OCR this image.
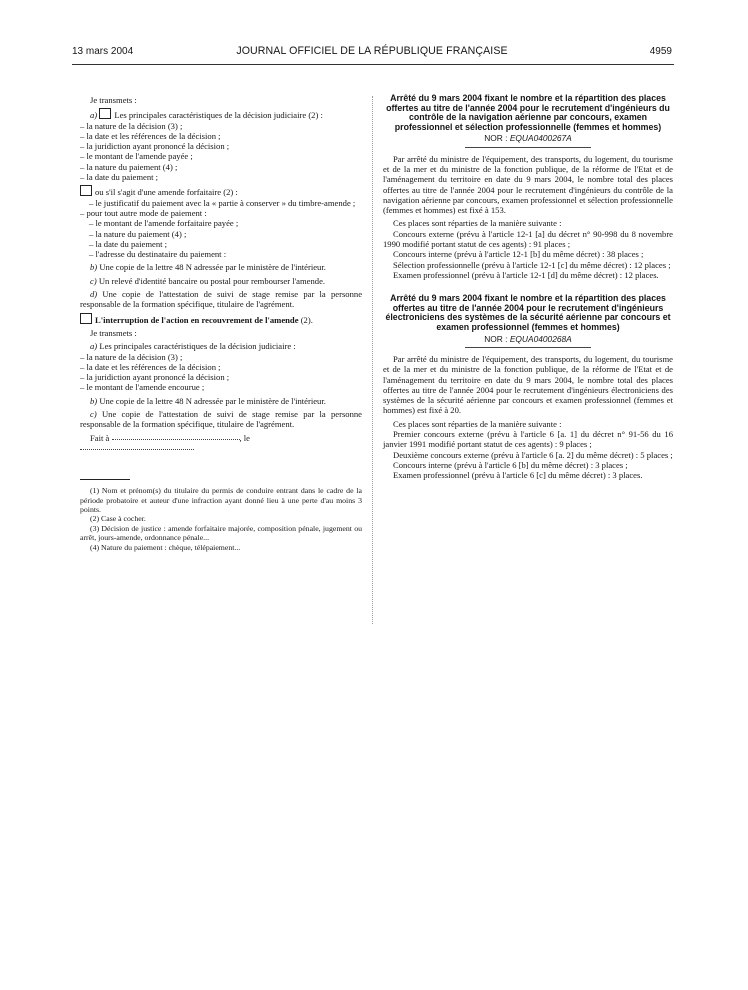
13 mars 2004	JOURNAL OFFICIEL DE LA RÉPUBLIQUE FRANÇAISE	4959

Je transmets :

a) Les principales caractéristiques de la décision judiciaire (2) :

– la nature de la décision (3) ;

– la date et les références de la décision ;

– la juridiction ayant prononcé la décision ;

– le montant de l'amende payée ;

– la nature du paiement (4) ;

– la date du paiement ;

ou s'il s'agit d'une amende forfaitaire (2) :

– le justificatif du paiement avec la « partie à conserver » du timbre-amende ;

– pour tout autre mode de paiement :

– le montant de l'amende forfaitaire payée ;

– la nature du paiement (4) ;

– la date du paiement ;

– l'adresse du destinataire du paiement :

b) Une copie de la lettre 48 N adressée par le ministère de l'intérieur.

c) Un relevé d'identité bancaire ou postal pour rembourser l'amende.

d) Une copie de l'attestation de suivi de stage remise par la personne responsable de la formation spécifique, titulaire de l'agrément.

L'interruption de l'action en recouvrement de l'amende (2).

Je transmets :

a) Les principales caractéristiques de la décision judiciaire :

– la nature de la décision (3) ;

– la date et les références de la décision ;

– la juridiction ayant prononcé la décision ;

– le montant de l'amende encourue ;

b) Une copie de la lettre 48 N adressée par le ministère de l'intérieur.

c) Une copie de l'attestation de suivi de stage remise par la personne responsable de la formation spécifique, titulaire de l'agrément.

Fait à	, le

(1) Nom et prénom(s) du titulaire du permis de conduire entrant dans le cadre de la période probatoire et auteur d'une infraction ayant donné lieu à une perte d'au moins 3 points.

(2) Case à cocher.

(3) Décision de justice : amende forfaitaire majorée, composition pénale, jugement ou arrêt, jours-amende, ordonnance pénale...

(4) Nature du paiement : chèque, télépaiement...

Arrêté du 9 mars 2004 fixant le nombre et la répartition des places offertes au titre de l'année 2004 pour le recrutement d'ingénieurs du contrôle de la navigation aérienne par concours, examen professionnel et sélection professionnelle (femmes et hommes)

NOR : EQUA0400267A

Par arrêté du ministre de l'équipement, des transports, du logement, du tourisme et de la mer et du ministre de la fonction publique, de la réforme de l'Etat et de l'aménagement du territoire en date du 9 mars 2004, le nombre total des places offertes au titre de l'année 2004 pour le recrutement d'ingénieurs du contrôle de la navigation aérienne par concours, examen professionnel et sélection professionnelle (femmes et hommes) est fixé à 153.

Ces places sont réparties de la manière suivante :

Concours externe (prévu à l'article 12-1 [a] du décret n° 90-998 du 8 novembre 1990 modifié portant statut de ces agents) : 91 places ;

Concours interne (prévu à l'article 12-1 [b] du même décret) : 38 places ;

Sélection professionnelle (prévu à l'article 12-1 [c] du même décret) : 12 places ;

Examen professionnel (prévu à l'article 12-1 [d] du même décret) : 12 places.

Arrêté du 9 mars 2004 fixant le nombre et la répartition des places offertes au titre de l'année 2004 pour le recrutement d'ingénieurs électroniciens des systèmes de la sécurité aérienne par concours et examen professionnel (femmes et hommes)

NOR : EQUA0400268A

Par arrêté du ministre de l'équipement, des transports, du logement, du tourisme et de la mer et du ministre de la fonction publique, de la réforme de l'Etat et de l'aménagement du territoire en date du 9 mars 2004, le nombre total des places offertes au titre de l'année 2004 pour le recrutement d'ingénieurs électroniciens des systèmes de la sécurité aérienne par concours et examen professionnel (femmes et hommes) est fixé à 20.

Ces places sont réparties de la manière suivante :

Premier concours externe (prévu à l'article 6 [a. 1] du décret n° 91-56 du 16 janvier 1991 modifié portant statut de ces agents) : 9 places ;

Deuxième concours externe (prévu à l'article 6 [a. 2] du même décret) : 5 places ;

Concours interne (prévu à l'article 6 [b] du même décret) : 3 places ;

Examen professionnel (prévu à l'article 6 [c] du même décret) : 3 places.
